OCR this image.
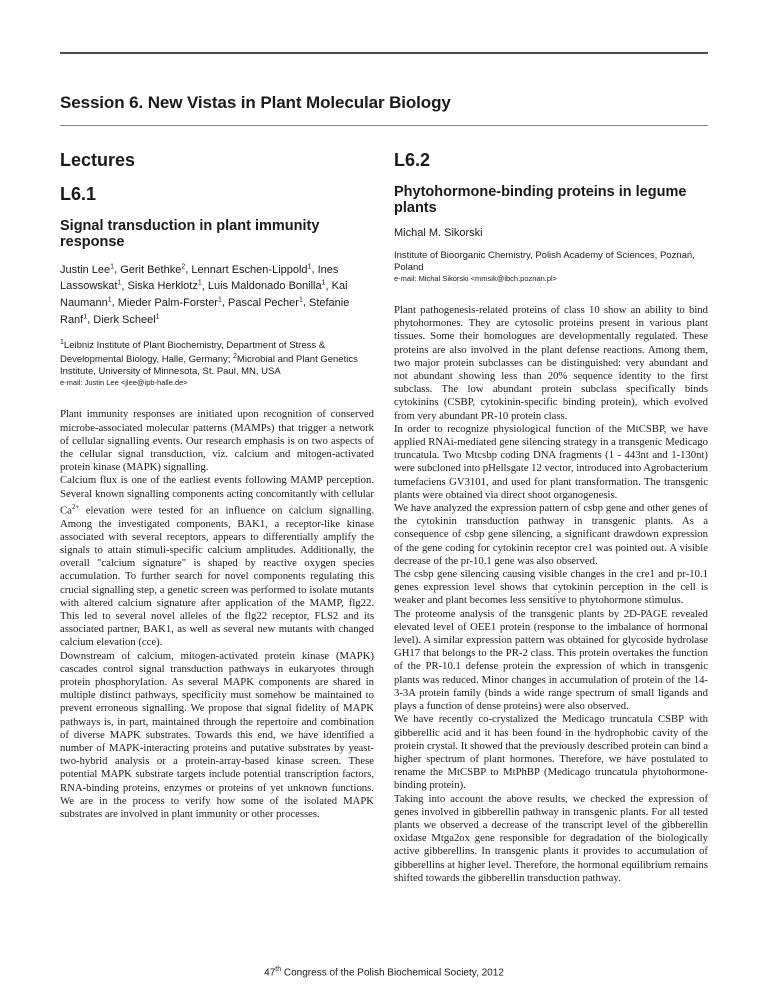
Session 6. New Vistas in Plant Molecular Biology
Lectures
L6.1
Signal transduction in plant immunity response
Justin Lee$^1$, Gerit Bethke$^2$, Lennart Eschen-Lippold$^1$, Ines Lassowskat$^1$, Siska Herklotz$^1$, Luis Maldonado Bonilla$^1$, Kai Naumann$^1$, Mieder Palm-Forster$^1$, Pascal Pecher$^1$, Stefanie Ranf$^1$, Dierk Scheel$^1$
$^1$Leibniz Institute of Plant Biochemistry, Department of Stress & Developmental Biology, Halle, Germany; $^2$Microbial and Plant Genetics Institute, University of Minnesota, St. Paul, MN, USA
e-mail: Justin Lee <jlee@ipb-halle.de>

Plant immunity responses are initiated upon recognition of conserved microbe-associated molecular patterns (MAMPs) that trigger a network of cellular signalling events. Our research emphasis is on two aspects of the cellular signal transduction, viz. calcium and mitogen-activated protein kinase (MAPK) signalling.

Calcium flux is one of the earliest events following MAMP perception. Several known signalling components acting concomitantly with cellular $Ca^{2+}$ elevation were tested for an influence on calcium signalling. Among the investigated components, BAK1, a receptor-like kinase associated with several receptors, appears to differentially amplify the signals to attain stimuli-specific calcium amplitudes. Additionally, the overall "calcium signature" is shaped by reactive oxygen species accumulation. To further search for novel components regulating this crucial signalling step, a genetic screen was performed to isolate mutants with altered calcium signature after application of the MAMP, flg22. This led to several novel alleles of the flg22 receptor, FLS2 and its associated partner, BAK1, as well as several new mutants with changed calcium elevation (cce).

Downstream of calcium, mitogen-activated protein kinase (MAPK) cascades control signal transduction pathways in eukaryotes through protein phosphorylation. As several MAPK components are shared in multiple distinct pathways, specificity must somehow be maintained to prevent erroneous signalling. We propose that signal fidelity of MAPK pathways is, in part, maintained through the repertoire and combination of diverse MAPK substrates. Towards this end, we have identified a number of MAPK-interacting proteins and putative substrates by yeast-two-hybrid analysis or a protein-array-based kinase screen. These potential MAPK substrate targets include potential transcription factors, RNA-binding proteins, enzymes or proteins of yet unknown functions. We are in the process to verify how some of the isolated MAPK substrates are involved in plant immunity or other processes.

L6.2
Phytohormone-binding proteins in legume plants
Michal M. Sikorski
Institute of Bioorganic Chemistry, Polish Academy of Sciences, Poznań, Poland
e-mail: Michal Sikorski <mmsik@ibch.poznan.pl>

Plant pathogenesis-related proteins of class 10 show an ability to bind phytohormones. They are cytosolic proteins present in various plant tissues. Some their homologues are developmentally regulated. These proteins are also involved in the plant defense reactions. Among them, two major protein subclasses can be distinguished: very abundant and not abundant showing less than 20% sequence identity to the first subclass. The low abundant protein subclass specifically binds cytokinins (CSBP, cytokinin-specific binding protein), which evolved from very abundant PR-10 protein class.

In order to recognize physiological function of the MtCSBP, we have applied RNAi-mediated gene silencing strategy in a transgenic Medicago truncatula. Two Mtcsbp coding DNA fragments (1 - 443nt and 1-130nt) were subcloned into pHellsgate 12 vector, introduced into Agrobacterium tumefaciens GV3101, and used for plant transformation. The transgenic plants were obtained via direct shoot organogenesis.

We have analyzed the expression pattern of csbp gene and other genes of the cytokinin transduction pathway in transgenic plants. As a consequence of csbp gene silencing, a significant drawdown expression of the gene coding for cytokinin receptor cre1 was pointed out. A visible decrease of the pr-10.1 gene was also observed.

The csbp gene silencing causing visible changes in the cre1 and pr-10.1 genes expression level shows that cytokinin perception in the cell is weaker and plant becomes less sensitive to phytohormone stimulus.

The proteome analysis of the transgenic plants by 2D-PAGE revealed elevated level of OEE1 protein (response to the imbalance of hormonal level). A similar expression pattern was obtained for glycoside hydrolase GH17 that belongs to the PR-2 class. This protein overtakes the function of the PR-10.1 defense protein the expression of which in transgenic plants was reduced. Minor changes in accumulation of protein of the 14-3-3A protein family (binds a wide range spectrum of small ligands and plays a function of dense proteins) were also observed.

We have recently co-crystalized the Medicago truncatula CSBP with gibberellic acid and it has been found in the hydrophobic cavity of the protein crystal. It showed that the previously described protein can bind a higher spectrum of plant hormones. Therefore, we have postulated to rename the MtCSBP to MtPhBP (Medicago truncatula phytohormone-binding protein).

Taking into account the above results, we checked the expression of genes involved in gibberellin pathway in transgenic plants. For all tested plants we observed a decrease of the transcript level of the gibberellin oxidase Mtga2ox gene responsible for degradation of the biologically active gibberellins. In transgenic plants it provides to accumulation of gibberellins at higher level. Therefore, the hormonal equilibrium remains shifted towards the gibberellin transduction pathway.

47th Congress of the Polish Biochemical Society, 2012
